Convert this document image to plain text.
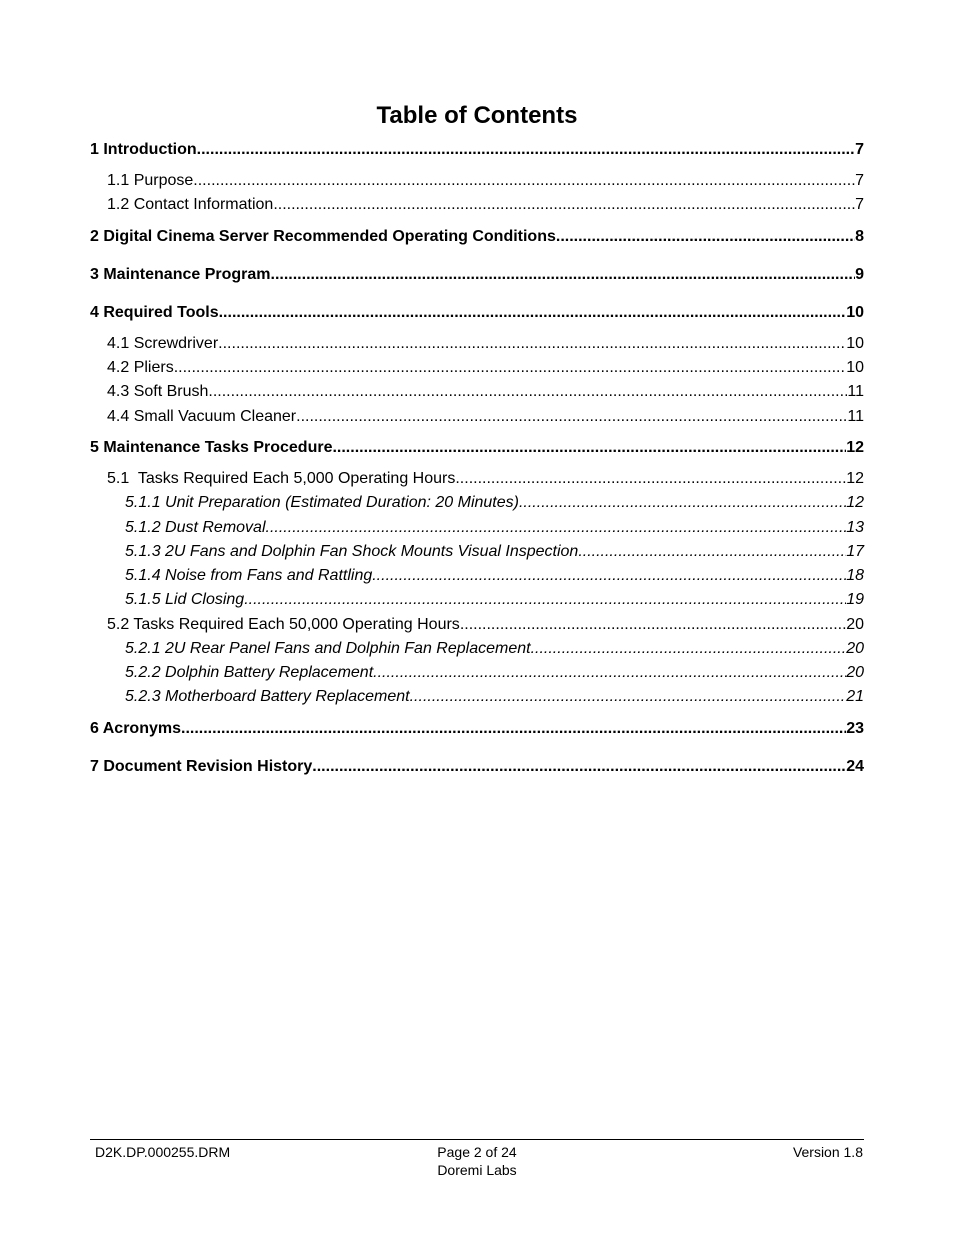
Table of Contents
1 Introduction .....	7
1.1 Purpose .....	7
1.2 Contact Information .....	7
2 Digital Cinema Server Recommended Operating Conditions .....	8
3 Maintenance Program .....	9
4 Required Tools .....	10
4.1 Screwdriver .....	10
4.2 Pliers .....	10
4.3 Soft Brush .....	11
4.4 Small Vacuum Cleaner .....	11
5 Maintenance Tasks Procedure .....	12
5.1  Tasks Required Each 5,000 Operating Hours .....	12
5.1.1 Unit Preparation (Estimated Duration: 20 Minutes) .....	12
5.1.2 Dust Removal .....	13
5.1.3 2U Fans and Dolphin Fan Shock Mounts Visual Inspection .....	17
5.1.4 Noise from Fans and Rattling .....	18
5.1.5 Lid Closing .....	19
5.2 Tasks Required Each 50,000 Operating Hours .....	20
5.2.1 2U Rear Panel Fans and Dolphin Fan Replacement .....	20
5.2.2 Dolphin Battery Replacement .....	20
5.2.3 Motherboard Battery Replacement .....	21
6 Acronyms .....	23
7 Document Revision History .....	24
D2K.DP.000255.DRM	Page 2 of 24
Doremi Labs
Version 1.8
